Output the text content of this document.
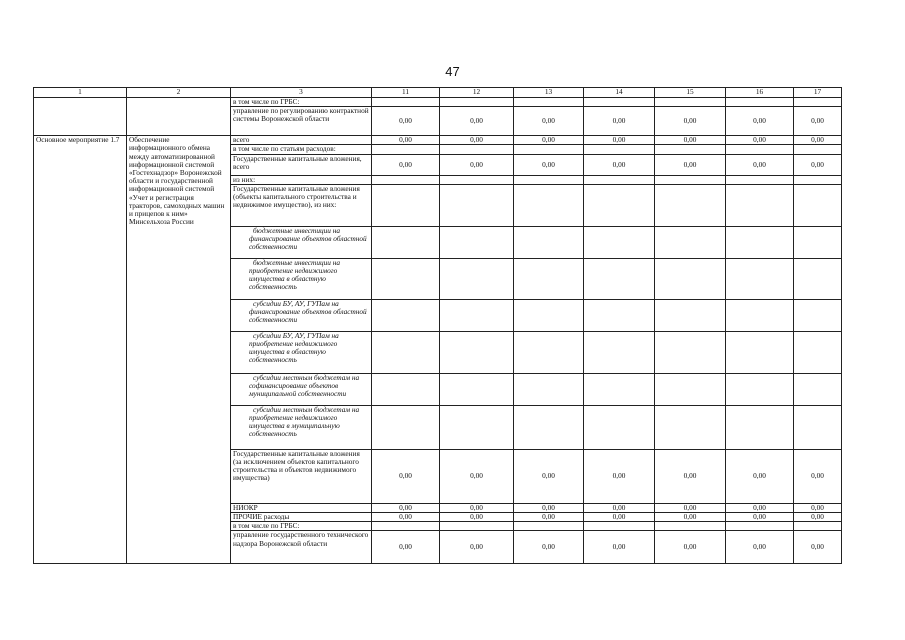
47
1	2	3	11	12	13	14	15	16	17
		в том числе по ГРБС:							
		управление по регулированию контрактной системы Воронежской области	0,00	0,00	0,00	0,00	0,00	0,00	0,00
Основное мероприятие 1.7	Обеспечение информационного обмена между автоматизированной информационной системой «Гостехнадзор» Воронежской области и государственной информационной системой «Учет и регистрация тракторов, самоходных машин и прицепов к ним» Минсельхоза России	всего	0,00	0,00	0,00	0,00	0,00	0,00	0,00
		в том числе по статьям расходов:							
		Государственные капитальные вложения, всего	0,00	0,00	0,00	0,00	0,00	0,00	0,00
		из них:							
		Государственные капитальные вложения (объекты капитального строительства и недвижимое имущество), из них:							
		бюджетные инвестиции на финансирование объектов областной собственности							
		бюджетные инвестиции на приобретение недвижимого имущества в областную собственность							
		субсидии БУ, АУ, ГУПам на финансирование объектов областной собственности							
		субсидии БУ, АУ, ГУПам на приобретение недвижимого имущества в областную собственность							
		субсидии местным бюджетам на софинансирование объектов муниципальной собственности							
		субсидии местным бюджетам на приобретение недвижимого имущества в муниципальную собственность							
		Государственные капитальные вложения (за исключением объектов капитального строительства и объектов недвижимого имущества)	0,00	0,00	0,00	0,00	0,00	0,00	0,00
		НИОКР	0,00	0,00	0,00	0,00	0,00	0,00	0,00
		ПРОЧИЕ расходы	0,00	0,00	0,00	0,00	0,00	0,00	0,00
		в том числе по ГРБС:							
		управление государственного технического надзора Воронежской области	0,00	0,00	0,00	0,00	0,00	0,00	0,00
